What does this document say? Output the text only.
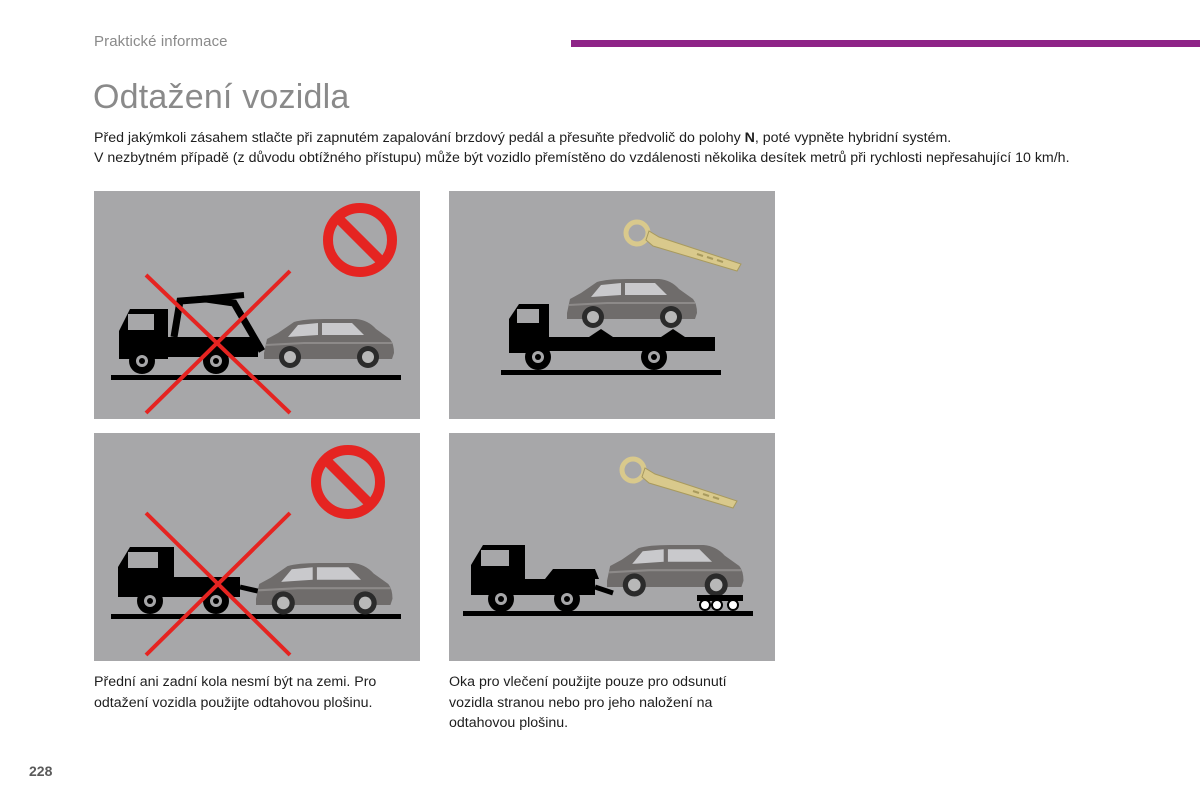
Praktické informace
Odtažení vozidla

Před jakýmkoli zásahem stlačte při zapnutém zapalování brzdový pedál a přesuňte předvolič do polohy N, poté vypněte hybridní systém.

V nezbytném případě (z důvodu obtížného přístupu) může být vozidlo přemístěno do vzdálenosti několika desítek metrů při rychlosti nepřesahující 10 km/h.

Přední ani zadní kola nesmí být na zemi. Pro odtažení vozidla použijte odtahovou plošinu.
Oka pro vlečení použijte pouze pro odsunutí vozidla stranou nebo pro jeho naložení na odtahovou plošinu.
228
